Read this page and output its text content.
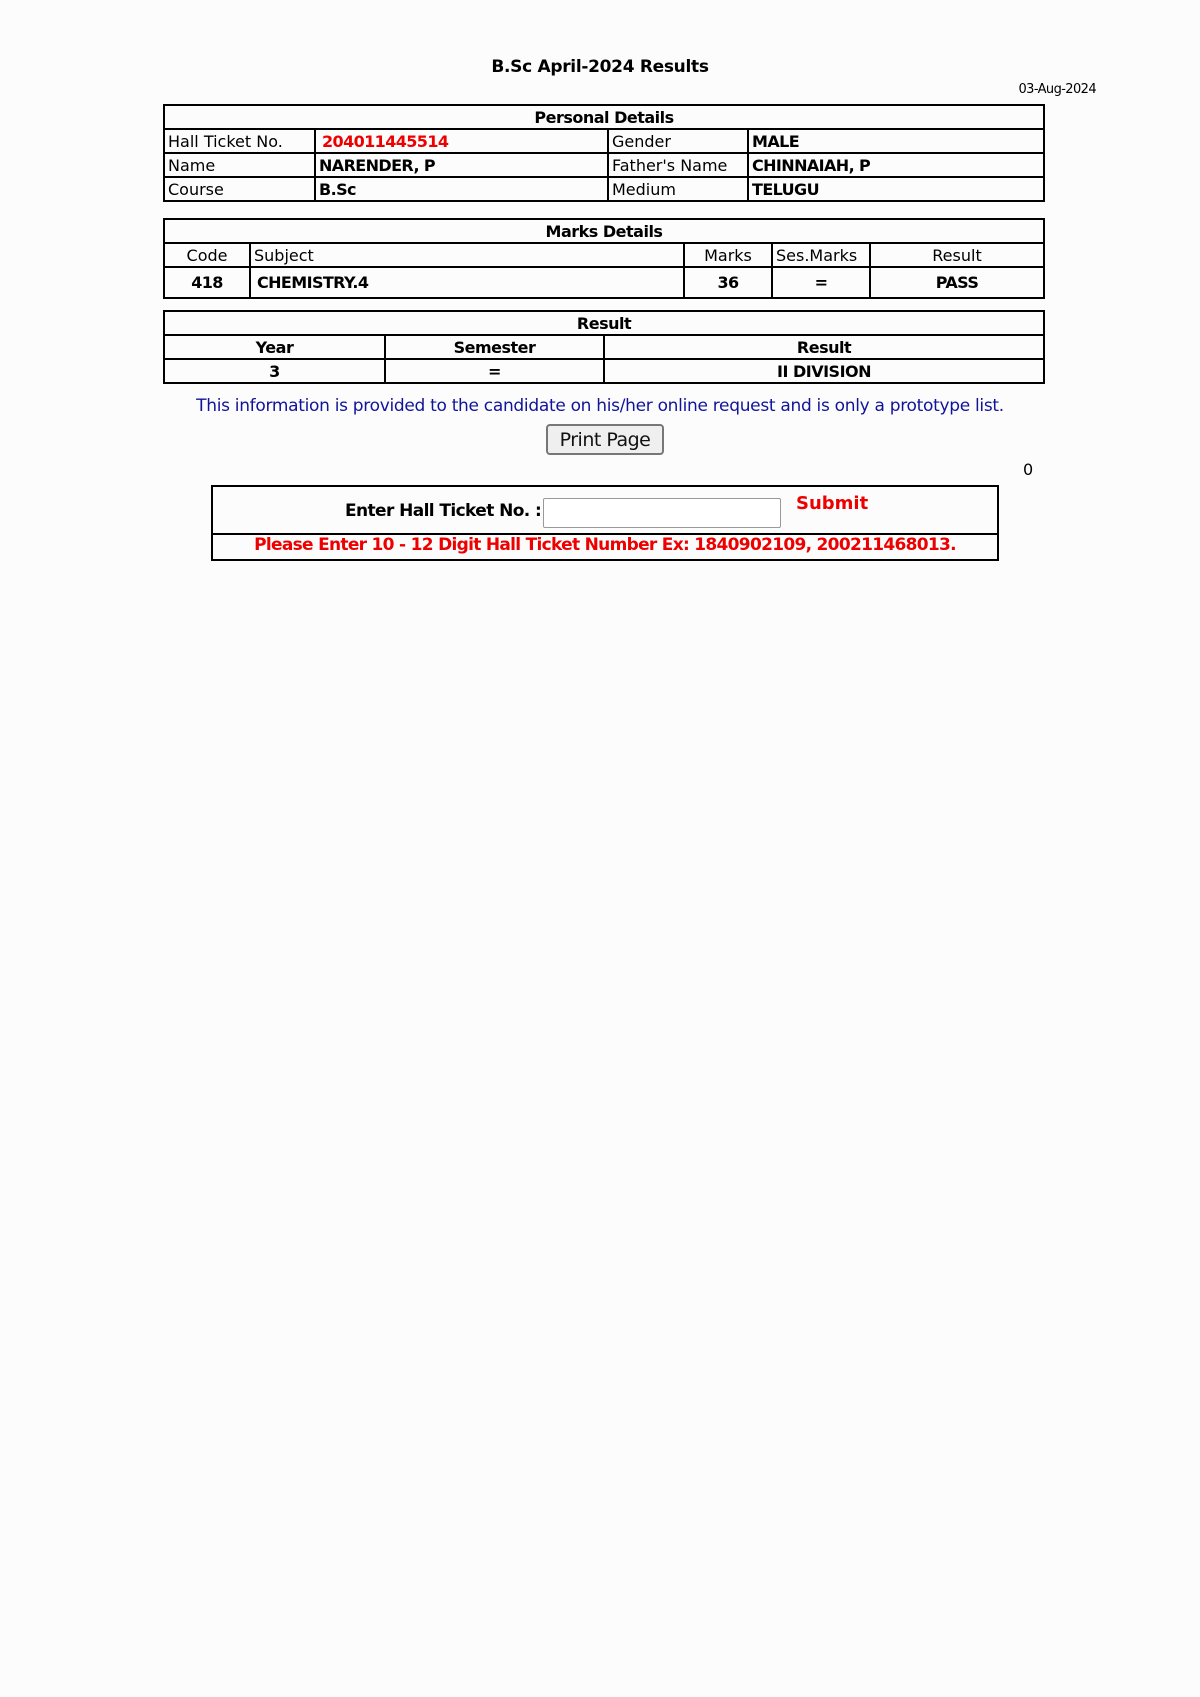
B.Sc April-2024 Results
03-Aug-2024
Personal Details			
Hall Ticket No.	204011445514	Gender	MALE
Name	NARENDER, P	Father's Name	CHINNAIAH, P
Course	B.Sc	Medium	TELUGU
Marks Details				
Code	Subject	Marks	Ses.Marks	Result
418	CHEMISTRY.4	36	=	PASS
Result		
Year	Semester	Result
3	=	II DIVISION
This information is provided to the candidate on his/her online request and is only a prototype list.
Print Page
0
Enter Hall Ticket No. :	Submit
Please Enter 10 - 12 Digit Hall Ticket Number Ex: 1840902109, 200211468013.
